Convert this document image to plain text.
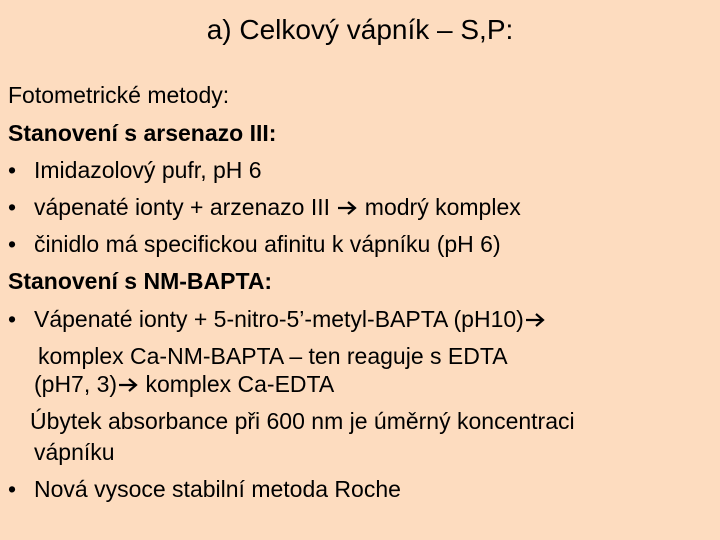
a) Celkový vápník – S,P:
Fotometrické metody:
Stanovení s arsenazo III:
• Imidazolový pufr, pH 6
• vápenaté ionty + arzenazo III modrý komplex
• činidlo má specifickou afinitu k vápníku (pH 6)
Stanovení s NM-BAPTA:
• Vápenaté ionty + 5-nitro-5’-metyl-BAPTA (pH10)
komplex Ca-NM-BAPTA – ten reaguje s EDTA
(pH7, 3) komplex Ca-EDTA
Úbytek absorbance při 600 nm je úměrný koncentraci
vápníku
• Nová vysoce stabilní metoda Roche
